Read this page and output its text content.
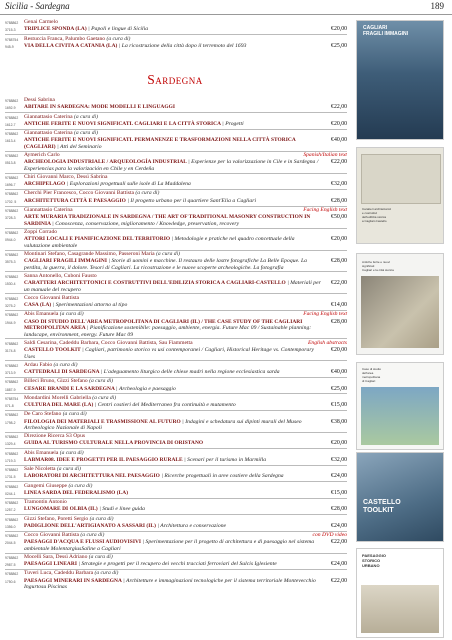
Sicilia - Sardegna	189
9788862	Genai Carmelo
3715-3	TRIPLICE SPONDA (LA) | Papoli e lingue di Sicilia	€20,00
9788754	Restuccia Franca, Palumbo Gaetano (a cura di)
945-9	VIA DELLA CIVITA A CATANIA (LA) | La ricostruzione della città dopo il terremoto del 1693	€25,00
Sardegna
9788862	Dessì Sabrina
1692-9	ABITARE IN SARDEGNA: MODE MODELLI E LINGUAGGI	€22,00
9788862	Giannattasio Caterina (a cura di)
1612-7	ANTICHE FERITE E NUOVI SIGNIFICATI. CAGLIARI E LA CITTÀ STORICA | Progetti	€20,00
9788862	Giannattasio Caterina (a cura di)
1613-4	ANTICHE FERITE E NUOVI SIGNIFICATI. PERMANENZE E TRASFORMAZIONI NELLA CITTÀ STORICA (CAGLIARI) | Atti del Seminario
€40,00
9788862	Aymerich Carlo	Spanish/Italian text
0513-8	ARCHEOLOGIA INDUSTRIALE / ARQUEOLOGÍA INDUSTRIAL | Esperienze per la valorizzazione in Cile e in Sardegna / Experiencias para la valorización en Chile y en Cerdeña
€22,00
9788862	Chiri Giovanni Marco, Dessì Sabrina
1696-7	ARCHIPELAGO | Esplorazioni progettuali sulle isole di La Maddalena	€32,00
9788862	Cherchi Pier Francesco, Cocco Giovanni Battista (a cura di)
1702. 5	ARCHITETTURA CITTÀ E PAESAGGIO | Il progetto urbano per il quartiere Sant'Elia a Cagliari	€28,00
9788862	Giannattasio Caterina	Facing English text
3728-3	ARTE MURARIA TRADIZIONALE IN SARDEGNA / THE ART OF TRADITIONAL MASONRY CONSTRUCTION IN SARDINIA | Conoscenza, conservazione, miglioramento / Knowledge, preservation, recovery
€50,00
9788862	Zoppi Corrado
0944-0	ATTORI LOCALI E PIANIFICAZIONE DEL TERRITORIO | Metodologie e pratiche nel quadro concettuale della valutazione ambientale
€20,00
9788862	Montinari Stefano, Casagrande Massimo, Passeroni Maria (a cura di)
3575-3	CAGLIARI FRAGILI IMMAGINI | Storie di uomini e macchine. Il restauro delle lastre fotografiche La Belle Epoque. La perdita, la guerra, il dolore. Tesori di Cagliari. La ricostruzione e le nuove scoperte archeologiche. La fotografia
€28,00
9788862	Sanna Antonello, Cuboni Fausto
1530-4	CARATTERI ARCHITETTONICI E COSTRUTTIVI DELL'EDILIZIA STORICA A CAGLIARI-CASTELLO | Materiali per un manuale del recupero
€22,00
9788862	Cocco Giovanni Battista
3275-2	CASA (LA) | Sperimentazioni attorno al tipo	€14,00
9788862	Abis Emanuela (a cura di)	Facing English text
1944-9	CASO DI STUDIO DELL'AREA METROPOLITANA DI CAGLIARI (IL) / THE CASE STUDY OF THE CAGLIARI METROPOLITAN AREA | Pianificazione sostenibile: paesaggio, ambiente, energia. Future Mac 09 / Sustainable planning: landscape, environment, energy. Future Mac 09
€28,00
9788862	Saldi Cesarina, Cadeddu Barbara, Cocco Giovanni Battista, Sau Fiammetta	English abstracts
3174-8	CASTELLO TOOLKIT | Cagliari, patrimonio storico vs usi contemporanei / Cagliari, Historical Heritage vs. Contemporary Uses
€20,00
9788862	Ardau Fabio (a cura di)
3713-9	CATTEDRALI DI SARDEGNA | L'adeguamento liturgico delle chiese madri nella regione ecclesiastica sarda	€40,00
9788862	Billeci Bruno, Gizzi Stefano (a cura di)
1887-9	CESARE BRANDI E LA SARDEGNA | Archeologia e paesaggio	€25,00
9788754	Mondardini Morelli Gabriella (a cura di)
071-8	CULTURA DEL MARE (LA) | Centri costieri del Mediterraneo fra continuità e mutamento	€15,00
9788862	De Caro Stefano (a cura di)
1798-2	FILOLOGIA DEI MATERIALI E TRASMISSIONE AL FUTURO | Indagini e schedatura sui dipinti murali del Museo Archeologico Nazionale di Napoli
€38,00
9788862	Direzione Ricerca S3 Opus
1329-4	GUIDA AL TURISMO CULTURALE NELLA PROVINCIA DI ORISTANO	€20,00
9788862	Abis Emanuela (a cura di)
1719-3	LABMAR08. IDEE E PROGETTI PER IL PAESAGGIO RURALE | Scenari per il turismo in Marmilla	€32,00
9788862	Sale Nicoletta (a cura di)
1731-5	LABORATORI DI ARCHITETTURA NEL PAESAGGIO | Ricerche progettuali in aree costiere della Sardegna	€24,00
9788862	Gangemi Giuseppe (a cura di)
0244-1	LINEA SARDA DEL FEDERALISMO (LA)	€15,00
9788862	Tramontin Antonio
1257-2	LUNGOMARE DI OLBIA (IL) | Studi e linee guida	€28,00
9788862	Gizzi Stefano, Poretti Sergio (a cura di)
1356-0	PADIGLIONE DELL'ARTIGIANATO A SASSARI (IL) | Architettura e conservazione	€24,00
9788862	Cocco Giovanni Battista (a cura di)	con DVD video
2044-5	PAESAGGI D'ACQUA E FLUSSI AUDIOVISIVI | Sperimentazione per il progetto di architettura e di paesaggio nel sistema ambientale MolentargiusSaline a Cagliari
€22,00
9788862	Mocelli Sara, Dessì Adriano (a cura di)
2987-5	PAESAGGI LINEARI | Strategie e progetti per il recupero dei vecchi tracciati ferroviari del Sulcis Iglesiente	€24,00
9788862	Tuveri Luca, Cadeddu Barbara (a cura di)
1750-6	PAESAGGI MINERARI IN SARDEGNA | Architetture e immaginazioni tecnologiche per il sistema territoriale Montevecchio Ingurtosu Piscinas
€22,00
CAGLIARI
FRAGILI IMMAGINI
Caratteri architettonici
e costruttivi
dell'edilizia storica
a Cagliari-Castello
Antiche ferite e nuovi
significati
Cagliari e la città storica
Caso di studio
dell'area
metropolitana
di Cagliari
CASTELLO
TOOLKIT
PAESAGGIO
STORICO
URBANO
